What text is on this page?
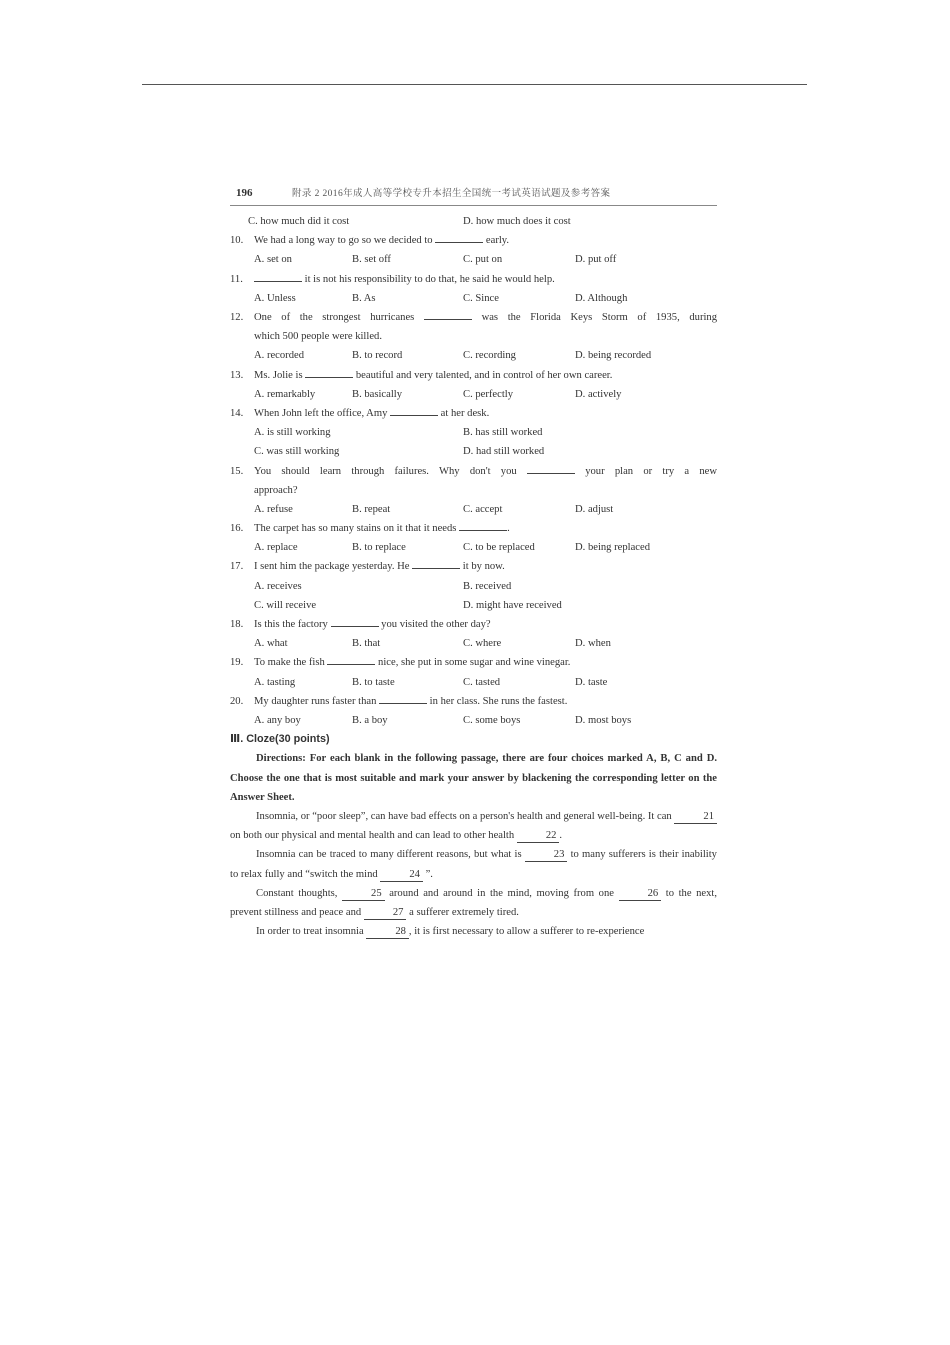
196	附录 2 2016年成人高等学校专升本招生全国统一考试英语试题及参考答案
C. how much did it cost	D. how much does it cost
10.	We had a long way to go so we decided to	early.
A. set on	B. set off	C. put on	D. put off
11.	it is not his responsibility to do that, he said he would help.
A. Unless	B. As	C. Since	D. Although
12.	One of the strongest hurricanes	was the Florida Keys Storm of 1935, during
which 500 people were killed.
A. recorded	B. to record	C. recording	D. being recorded
13.	Ms. Jolie is	beautiful and very talented, and in control of her own career.
A. remarkably	B. basically	C. perfectly	D. actively
14.	When John left the office, Amy	at her desk.
A. is still working	B. has still worked
C. was still working	D. had still worked
15.	You should learn through failures. Why don't you	your plan or try a new
approach?
A. refuse	B. repeat	C. accept	D. adjust
16.	The carpet has so many stains on it that it needs	.
A. replace	B. to replace	C. to be replaced	D. being replaced
17.	I sent him the package yesterday. He	it by now.
A. receives	B. received
C. will receive	D. might have received
18.	Is this the factory	you visited the other day?
A. what	B. that	C. where	D. when
19.	To make the fish	nice, she put in some sugar and wine vinegar.
A. tasting	B. to taste	C. tasted	D. taste
20.	My daughter runs faster than	in her class. She runs the fastest.
A. any boy	B. a boy	C. some boys	D. most boys
Ⅲ. Cloze(30 points)
Directions: For each blank in the following passage, there are four choices marked A, B, C and D. Choose the one that is most suitable and mark your answer by blackening the corresponding letter on the Answer Sheet.
Insomnia, or “poor sleep”, can have bad effects on a person's health and general well-being. It can	21 on both our physical and mental health and can lead to other health	22 .
Insomnia can be traced to many different reasons, but what is	23 to many sufferers is their inability to relax fully and “switch the mind	24 ”.
Constant thoughts,	25 around and around in the mind, moving from one	26 to the next, prevent stillness and peace and	27 a sufferer extremely tired.
In order to treat insomnia	28 , it is first necessary to allow a sufferer to re-experience
